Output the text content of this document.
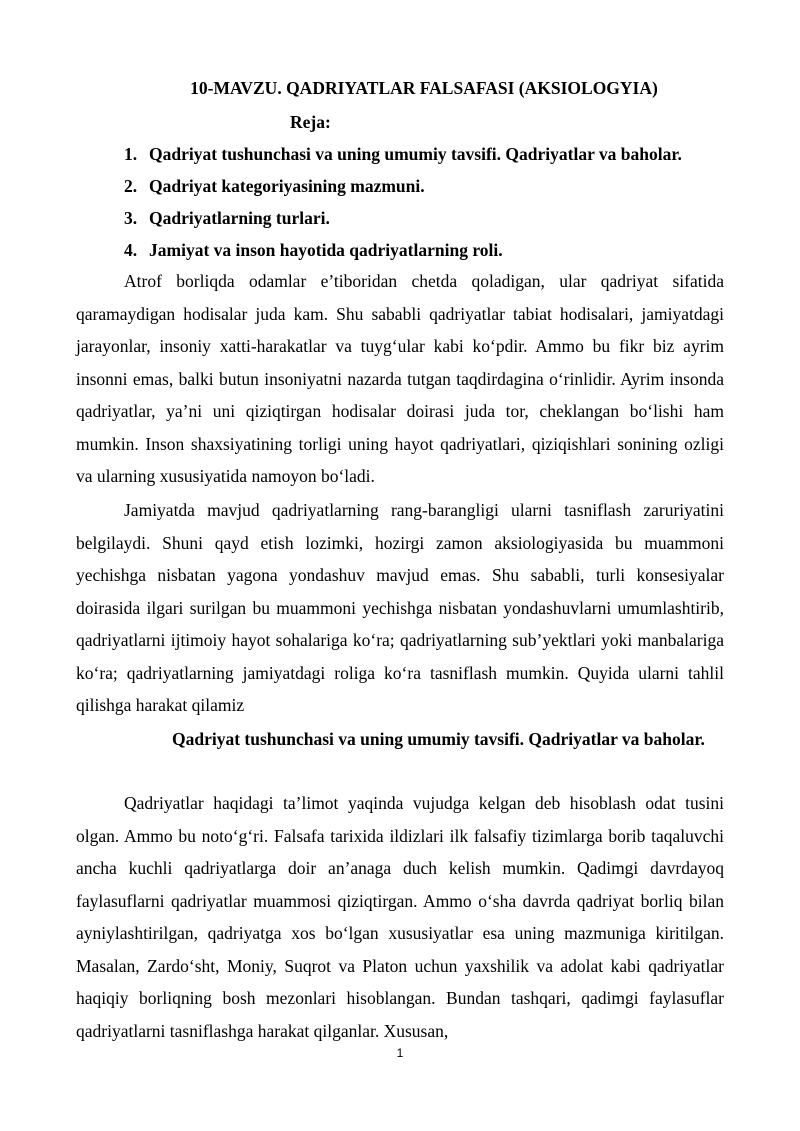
10-MAVZU. QADRIYATLAR FALSAFASI (AKSIOLOGYIA)
Reja:
1. Qadriyat tushunchasi va uning umumiy tavsifi. Qadriyatlar va baholar.
2. Qadriyat kategoriyasining mazmuni.
3. Qadriyatlarning turlari.
4. Jamiyat va inson hayotida qadriyatlarning roli.

Atrof borliqda odamlar e’tiboridan chetda qoladigan, ular qadriyat sifatida qaramaydigan hodisalar juda kam. Shu sababli qadriyatlar tabiat hodisalari, jamiyatdagi jarayonlar, insoniy xatti-harakatlar va tuyg‘ular kabi ko‘pdir. Ammo bu fikr biz ayrim insonni emas, balki butun insoniyatni nazarda tutgan taqdirdagina o‘rinlidir. Ayrim insonda qadriyatlar, ya’ni uni qiziqtirgan hodisalar doirasi juda tor, cheklangan bo‘lishi ham mumkin. Inson shaxsiyatining torligi uning hayot qadriyatlari, qiziqishlari sonining ozligi va ularning xususiyatida namoyon bo‘ladi.

Jamiyatda mavjud qadriyatlarning rang-barangligi ularni tasniflash zaruriyatini belgilaydi. Shuni qayd etish lozimki, hozirgi zamon aksiologiyasida bu muammoni yechishga nisbatan yagona yondashuv mavjud emas. Shu sababli, turli konsesiyalar doirasida ilgari surilgan bu muammoni yechishga nisbatan yondashuvlarni umumlashtirib, qadriyatlarni ijtimoiy hayot sohalariga ko‘ra; qadriyatlarning sub’yektlari yoki manbalariga ko‘ra; qadriyatlarning jamiyatdagi roliga ko‘ra tasniflash mumkin. Quyida ularni tahlil qilishga harakat qilamiz

Qadriyat tushunchasi va uning umumiy tavsifi. Qadriyatlar va baholar.

Qadriyatlar haqidagi ta’limot yaqinda vujudga kelgan deb hisoblash odat tusini olgan. Ammo bu noto‘g‘ri. Falsafa tarixida ildizlari ilk falsafiy tizimlarga borib taqaluvchi ancha kuchli qadriyatlarga doir an’anaga duch kelish mumkin. Qadimgi davrdayoq faylasuflarni qadriyatlar muammosi qiziqtirgan. Ammo o‘sha davrda qadriyat borliq bilan ayniylashtirilgan, qadriyatga xos bo‘lgan xususiyatlar esa uning mazmuniga kiritilgan. Masalan, Zardo‘sht, Moniy, Suqrot va Platon uchun yaxshilik va adolat kabi qadriyatlar haqiqiy borliqning bosh mezonlari hisoblangan. Bundan tashqari, qadimgi faylasuflar qadriyatlarni tasniflashga harakat qilganlar. Xususan,

1
